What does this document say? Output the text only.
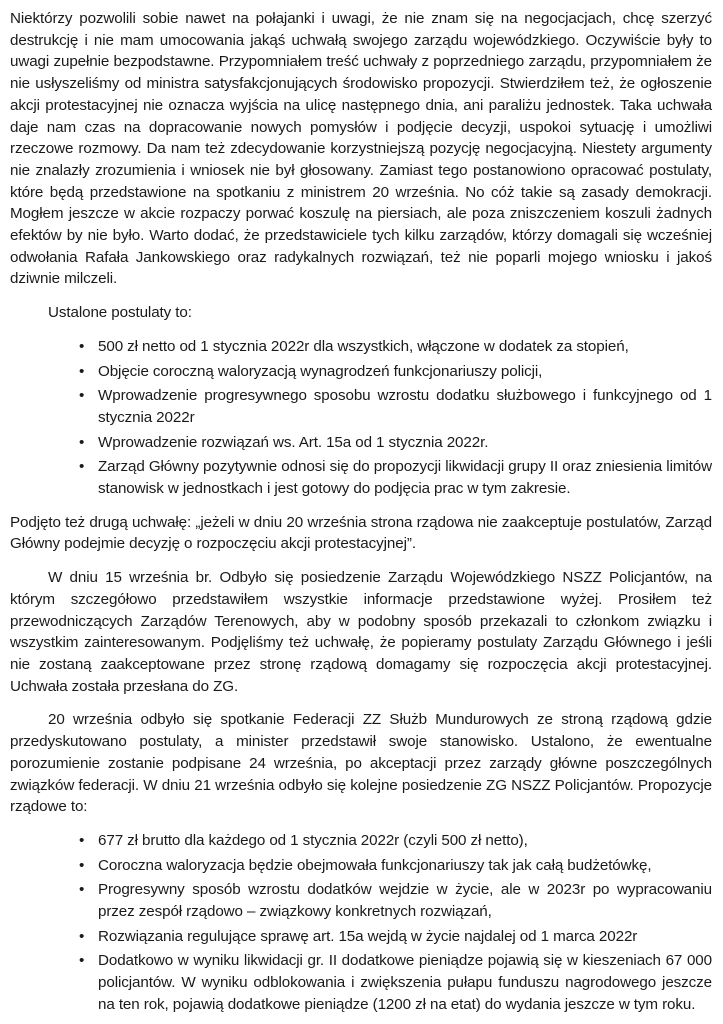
Niektórzy pozwolili sobie nawet na połajanki i uwagi, że nie znam się na negocjacjach, chcę szerzyć destrukcję i nie mam umocowania jakąś uchwałą swojego zarządu wojewódzkiego. Oczywiście były to uwagi zupełnie bezpodstawne. Przypomniałem treść uchwały z poprzedniego zarządu, przypomniałem że nie usłyszeliśmy od ministra satysfakcjonujących środowisko propozycji. Stwierdziłem też, że ogłoszenie akcji protestacyjnej nie oznacza wyjścia na ulicę następnego dnia, ani paraliżu jednostek. Taka uchwała daje nam czas na dopracowanie nowych pomysłów i podjęcie decyzji, uspokoi sytuację i umożliwi rzeczowe rozmowy. Da nam też zdecydowanie korzystniejszą pozycję negocjacyjną. Niestety argumenty nie znalazły zrozumienia i wniosek nie był głosowany. Zamiast tego postanowiono opracować postulaty, które będą przedstawione na spotkaniu z ministrem 20 września. No cóż takie są zasady demokracji. Mogłem jeszcze w akcie rozpaczy porwać koszulę na piersiach, ale poza zniszczeniem koszuli żadnych efektów by nie było. Warto dodać, że przedstawiciele tych kilku zarządów, którzy domagali się wcześniej odwołania Rafała Jankowskiego oraz radykalnych rozwiązań, też nie poparli mojego wniosku i jakoś dziwnie milczeli.

Ustalone postulaty to:

• 500 zł netto od 1 stycznia 2022r dla wszystkich, włączone w dodatek za stopień,
• Objęcie coroczną waloryzacją wynagrodzeń funkcjonariuszy policji,
• Wprowadzenie progresywnego sposobu wzrostu dodatku służbowego i funkcyjnego od 1 stycznia 2022r
• Wprowadzenie rozwiązań ws. Art. 15a od 1 stycznia 2022r.
• Zarząd Główny pozytywnie odnosi się do propozycji likwidacji grupy II oraz zniesienia limitów stanowisk w jednostkach i jest gotowy do podjęcia prac w tym zakresie.

Podjęto też drugą uchwałę: „jeżeli w dniu 20 września strona rządowa nie zaakceptuje postulatów, Zarząd Główny podejmie decyzję o rozpoczęciu akcji protestacyjnej”.

W dniu 15 września br. Odbyło się posiedzenie Zarządu Wojewódzkiego NSZZ Policjantów, na którym szczegółowo przedstawiłem wszystkie informacje przedstawione wyżej. Prosiłem też przewodniczących Zarządów Terenowych, aby w podobny sposób przekazali to członkom związku i wszystkim zainteresowanym. Podjęliśmy też uchwałę, że popieramy postulaty Zarządu Głównego i jeśli nie zostaną zaakceptowane przez stronę rządową domagamy się rozpoczęcia akcji protestacyjnej. Uchwała została przesłana do ZG.

20 września odbyło się spotkanie Federacji ZZ Służb Mundurowych ze stroną rządową gdzie przedyskutowano postulaty, a minister przedstawił swoje stanowisko. Ustalono, że ewentualne porozumienie zostanie podpisane 24 września, po akceptacji przez zarządy główne poszczególnych związków federacji. W dniu 21 września odbyło się kolejne posiedzenie ZG NSZZ Policjantów. Propozycje rządowe to:

• 677 zł brutto dla każdego od 1 stycznia 2022r (czyli 500 zł netto),
• Coroczna waloryzacja będzie obejmowała funkcjonariuszy tak jak całą budżetówkę,
• Progresywny sposób wzrostu dodatków wejdzie w życie, ale w 2023r po wypracowaniu przez zespół rządowo – związkowy konkretnych rozwiązań,
• Rozwiązania regulujące sprawę art. 15a wejdą w życie najdalej od 1 marca 2022r
• Dodatkowo w wyniku likwidacji gr. II dodatkowe pieniądze pojawią się w kieszeniach 67 000 policjantów. W wyniku odblokowania i zwiększenia pułapu funduszu nagrodowego jeszcze na ten rok, pojawią dodatkowe pieniądze (1200 zł na etat) do wydania jeszcze w tym roku.
